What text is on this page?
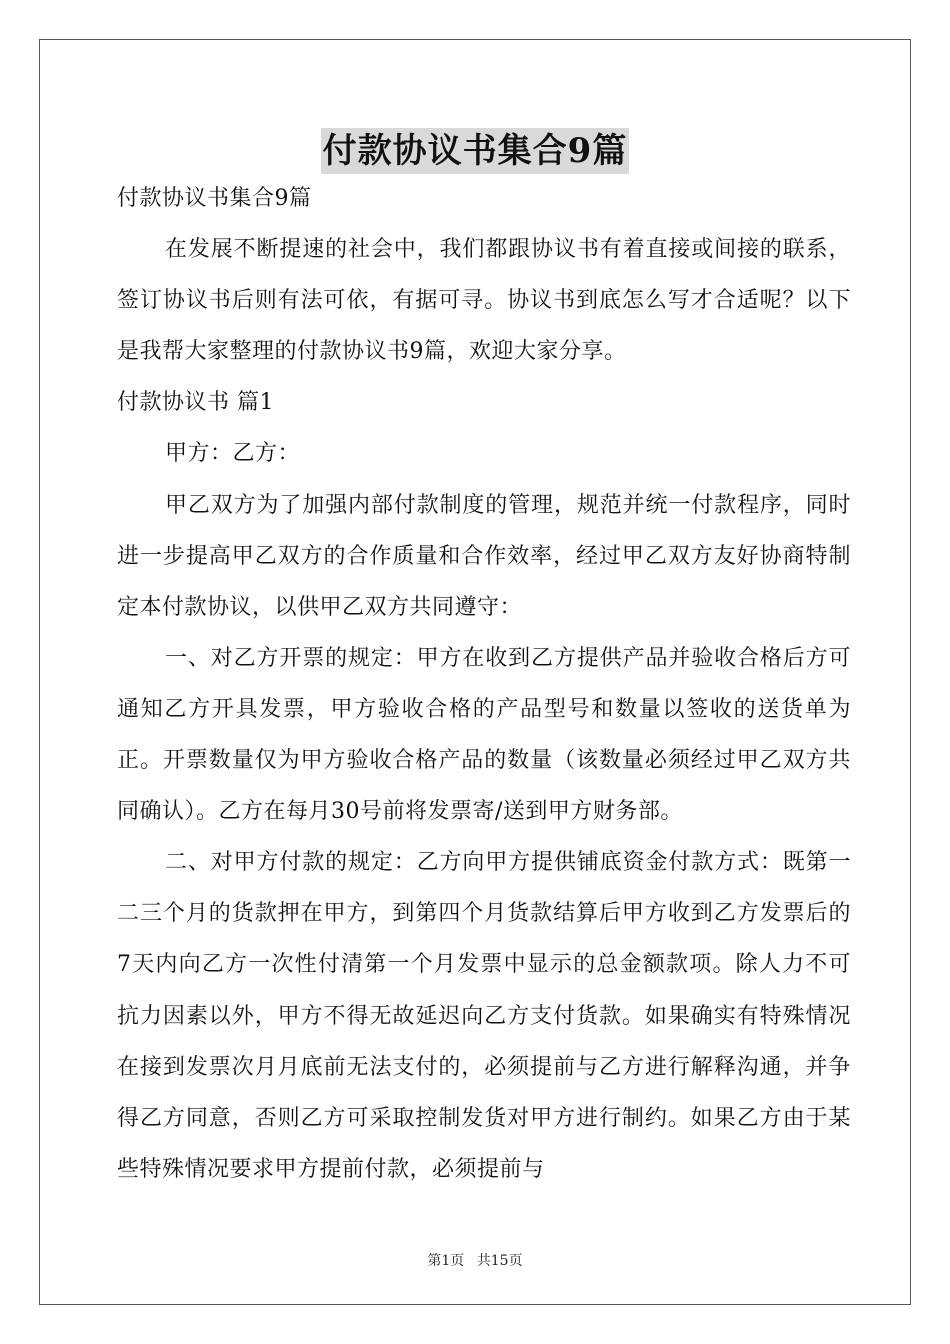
付款协议书集合9篇

付款协议书集合9篇

在发展不断提速的社会中，我们都跟协议书有着直接或间接的联系，签订协议书后则有法可依，有据可寻。协议书到底怎么写才合适呢？以下是我帮大家整理的付款协议书9篇，欢迎大家分享。

付款协议书 篇1

甲方：乙方：

甲乙双方为了加强内部付款制度的管理，规范并统一付款程序，同时进一步提高甲乙双方的合作质量和合作效率，经过甲乙双方友好协商特制定本付款协议，以供甲乙双方共同遵守：

一、对乙方开票的规定：甲方在收到乙方提供产品并验收合格后方可通知乙方开具发票，甲方验收合格的产品型号和数量以签收的送货单为正。开票数量仅为甲方验收合格产品的数量（该数量必须经过甲乙双方共同确认）。乙方在每月30号前将发票寄/送到甲方财务部。

二、对甲方付款的规定：乙方向甲方提供铺底资金付款方式：既第一二三个月的货款押在甲方，到第四个月货款结算后甲方收到乙方发票后的7天内向乙方一次性付清第一个月发票中显示的总金额款项。除人力不可抗力因素以外，甲方不得无故延迟向乙方支付货款。如果确实有特殊情况在接到发票次月月底前无法支付的，必须提前与乙方进行解释沟通，并争得乙方同意，否则乙方可采取控制发货对甲方进行制约。如果乙方由于某些特殊情况要求甲方提前付款，必须提前与

第1页 共15页
